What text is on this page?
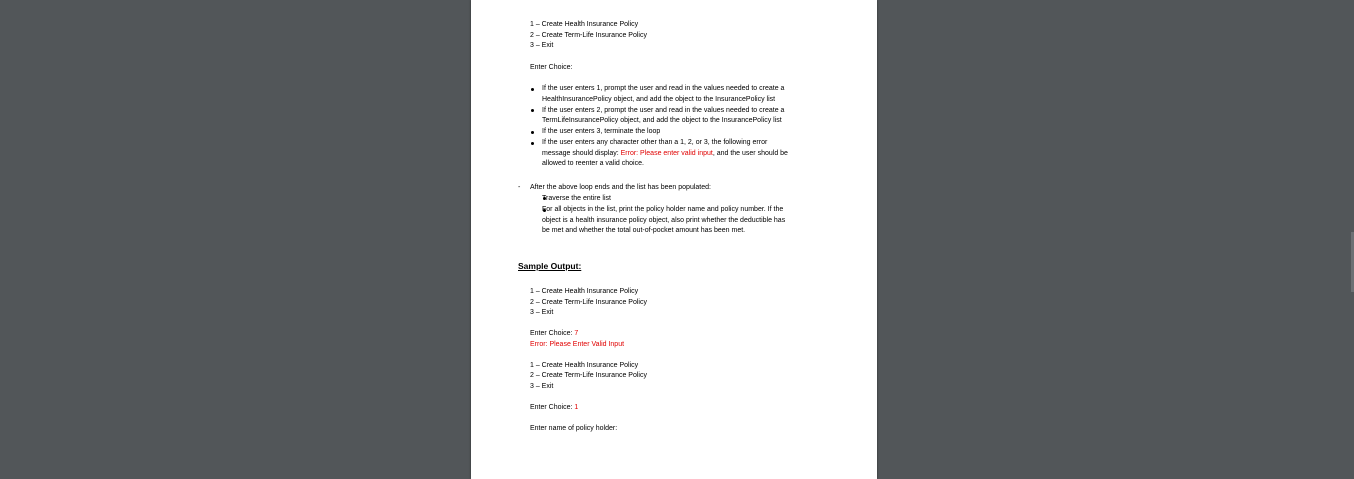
1 – Create Health Insurance Policy
2 – Create Term-Life Insurance Policy
3 – Exit
Enter Choice:
If the user enters 1, prompt the user and read in the values needed to create a
HealthInsurancePolicy object, and add the object to the InsurancePolicy list
If the user enters 2, prompt the user and read in the values needed to create a
TermLifeInsurancePolicy object, and add the object to the InsurancePolicy list
If the user enters 3, terminate the loop
If the user enters any character other than a 1, 2, or 3, the following error
message should display: Error: Please enter valid input, and the user should be
allowed to reenter a valid choice.
- After the above loop ends and the list has been populated:
Traverse the entire list
For all objects in the list, print the policy holder name and policy number. If the
object is a health insurance policy object, also print whether the deductible has
be met and whether the total out-of-pocket amount has been met.
Sample Output:
1 – Create Health Insurance Policy
2 – Create Term-Life Insurance Policy
3 – Exit
Enter Choice: 7
Error: Please Enter Valid Input
1 – Create Health Insurance Policy
2 – Create Term-Life Insurance Policy
3 – Exit
Enter Choice: 1
Enter name of policy holder:
